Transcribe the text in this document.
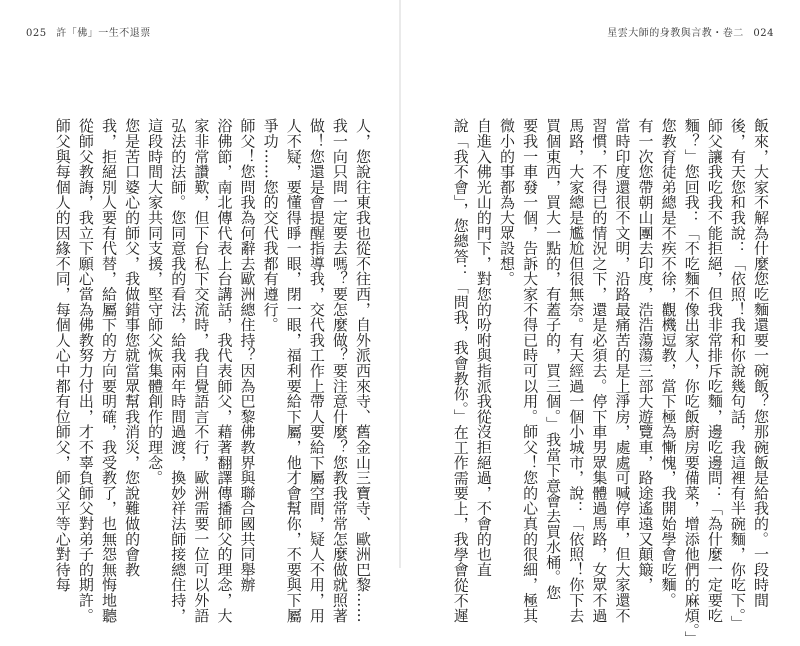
025 許「佛」一生不退票	星雲大師的身教與言教・卷二 024
人，您說往東我也從不往西，自外派西來寺、舊金山三寶寺、歐洲巴黎……
我一向只問一定要去嗎？要怎麼做？要注意什麼？您教我常常怎麼做就照著
做！您還是會提醒指導我，交代我工作上帶人要給下屬空間，疑人不用，用
人不疑，要懂得睜一眼，閉一眼，福利要給下屬，他才會幫你，不要與下屬
爭功……您的交代我都有遵行。
師父！您問我為何辭去歐洲總住持？因為巴黎佛教界與聯合國共同舉辦
浴佛節，南北傳代表上台講話，我代表師父，藉著翻譯傳播師父的理念，大
家非常讚歎，但下台私下交流時，我自覺語言不行，歐洲需要一位可以外語
弘法的法師。您同意我的看法，給我兩年時間過渡，換妙祥法師接總住持，
這段時間大家共同支援，堅守師父恢集體創作的理念。
您是苦口婆心的師父，我做錯事您就當眾幫我消災，您說難做的會教
我，拒絕別人要有代替，給屬下的方向要明確，我受教了，也無怨無悔地聽
從師父教誨，我立下願心當為佛教努力付出，才不辜負師父對弟子的期許。
師父與每個人的因緣不同，每個人心中都有位師父，師父平等心對待每	飯來，大家不解為什麼您吃麵還要一碗飯？您那碗飯是給我的。一段時間
後，有天您和我說：「依照！我和你說幾句話，我這裡有半碗麵，你吃下。」
師父讓我吃我不能拒絕，但我非常排斥吃麵，邊吃邊問：「為什麼一定要吃
麵？」您回我：「不吃麵不像出家人，你吃飯廚房要備菜，增添他們的麻煩。」
您教育徒弟總是不疾不徐，觀機逗教，當下極為慚愧，我開始學會吃麵。
有一次您帶朝山團去印度，浩浩蕩蕩三部大遊覽車，路途遙遠又顛簸，
當時印度還很不文明，沿路最痛苦的是上淨房，處處可喊停車，但大家還不
習慣，不得已的情況之下，還是必須去。停下車男眾集體過馬路，女眾不過
馬路，大家總是尷尬但很無奈。有天經過一個小城市，說：「依照！你下去
買個東西，買大一點的，有蓋子的，買三個。」我當下意會去買水桶。您
要我一車發一個，告訴大家不得已時可以用。師父！您的心真的很細，極其
微小的事都為大眾設想。
自進入佛光山的門下，對您的吩咐與指派我從沒拒絕過，不會的也直
說「我不會」，您總答：「問我，我會教你。」在工作需要上，我學會從不遲
